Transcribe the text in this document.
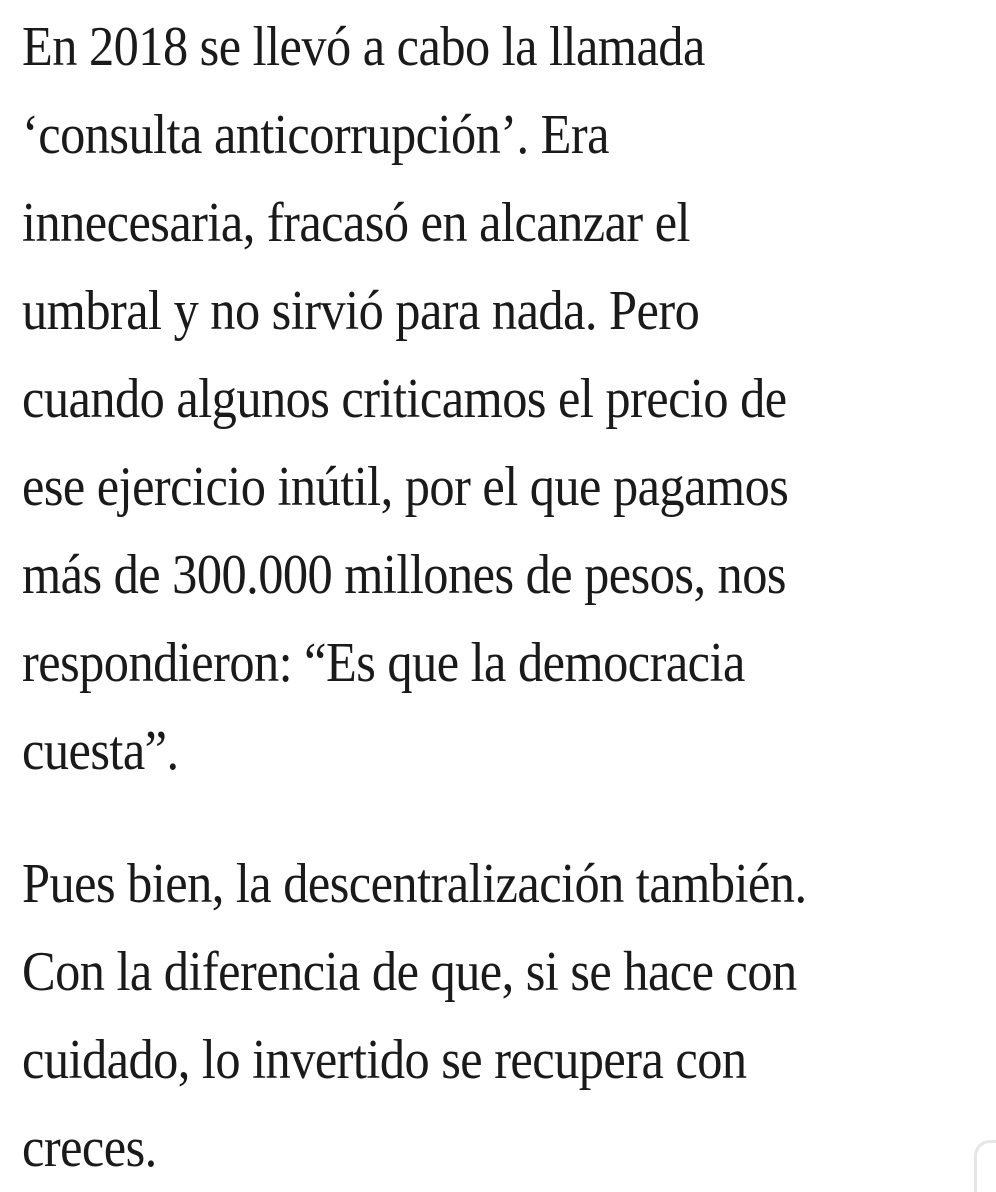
En 2018 se llevó a cabo la llamada
‘consulta anticorrupción’. Era
innecesaria, fracasó en alcanzar el
umbral y no sirvió para nada. Pero
cuando algunos criticamos el precio de
ese ejercicio inútil, por el que pagamos
más de 300.000 millones de pesos, nos
respondieron: “Es que la democracia
cuesta”.
Pues bien, la descentralización también.
Con la diferencia de que, si se hace con
cuidado, lo invertido se recupera con
creces.
